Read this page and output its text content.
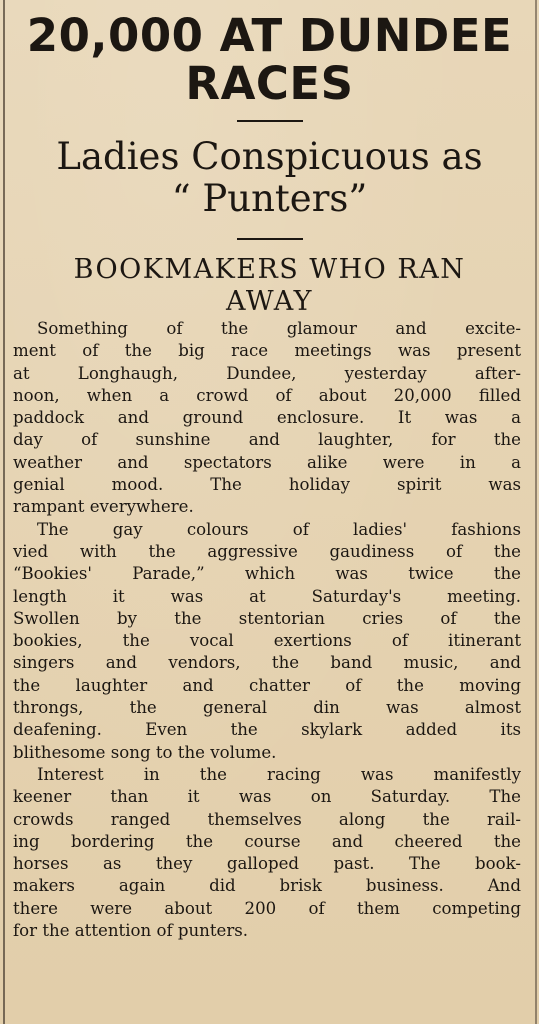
20,000 AT DUNDEE
RACES
Ladies Conspicuous as
“ Punters”
BOOKMAKERS WHO RAN
AWAY
Something of the glamour and excite-
ment of the big race meetings was present
at Longhaugh, Dundee, yesterday after-
noon, when a crowd of about 20,000 filled
paddock and ground enclosure. It was a
day of sunshine and laughter, for the
weather and spectators alike were in a
genial mood. The holiday spirit was
rampant everywhere.
The gay colours of ladies' fashions
vied with the aggressive gaudiness of the
“Bookies' Parade,” which was twice the
length it was at Saturday's meeting.
Swollen by the stentorian cries of the
bookies, the vocal exertions of itinerant
singers and vendors, the band music, and
the laughter and chatter of the moving
throngs, the general din was almost
deafening. Even the skylark added its
blithesome song to the volume.
Interest in the racing was manifestly
keener than it was on Saturday. The
crowds ranged themselves along the rail-
ing bordering the course and cheered the
horses as they galloped past. The book-
makers again did brisk business. And
there were about 200 of them competing
for the attention of punters.
